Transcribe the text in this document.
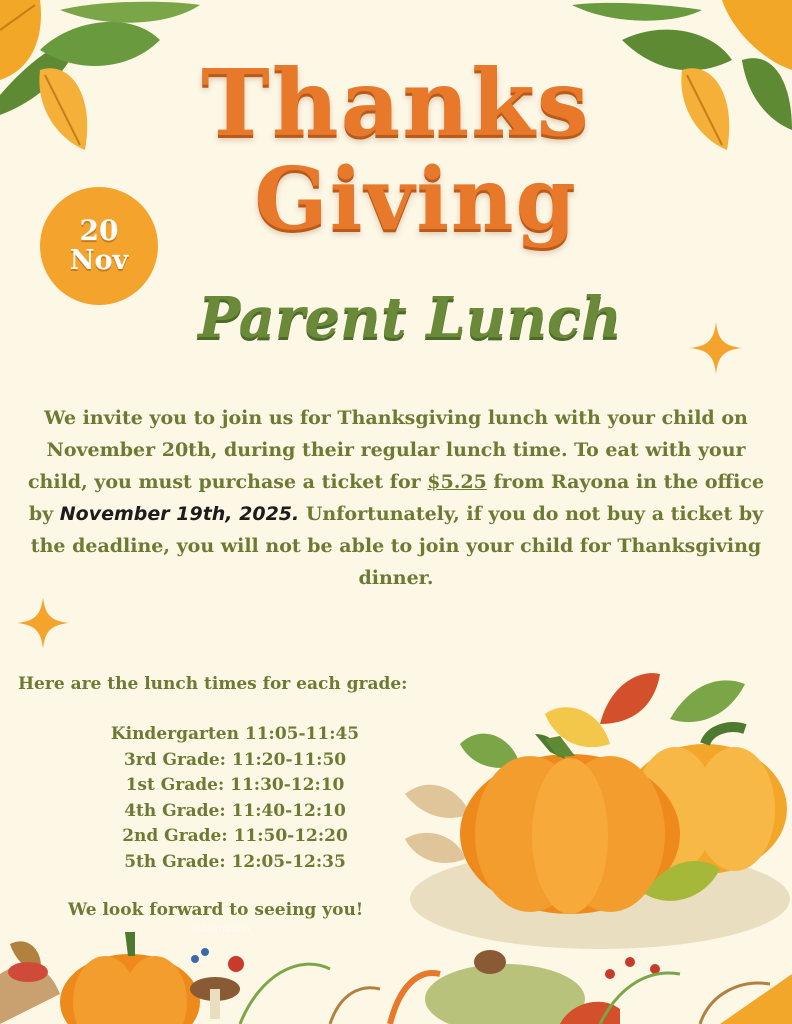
Thanks
Giving
20
Nov
Parent Lunch
We invite you to join us for Thanksgiving lunch with your child on November 20th, during their regular lunch time. To eat with your child, you must purchase a ticket for $5.25 from Rayona in the office by November 19th, 2025. Unfortunately, if you do not buy a ticket by the deadline, you will not be able to join your child for Thanksgiving dinner.
Here are the lunch times for each grade:
Kindergarten 11:05-11:45
3rd Grade: 11:20-11:50
1st Grade: 11:30-12:10
4th Grade: 11:40-12:10
2nd Grade: 11:50-12:20
5th Grade: 12:05-12:35
We look forward to seeing you!
Information
